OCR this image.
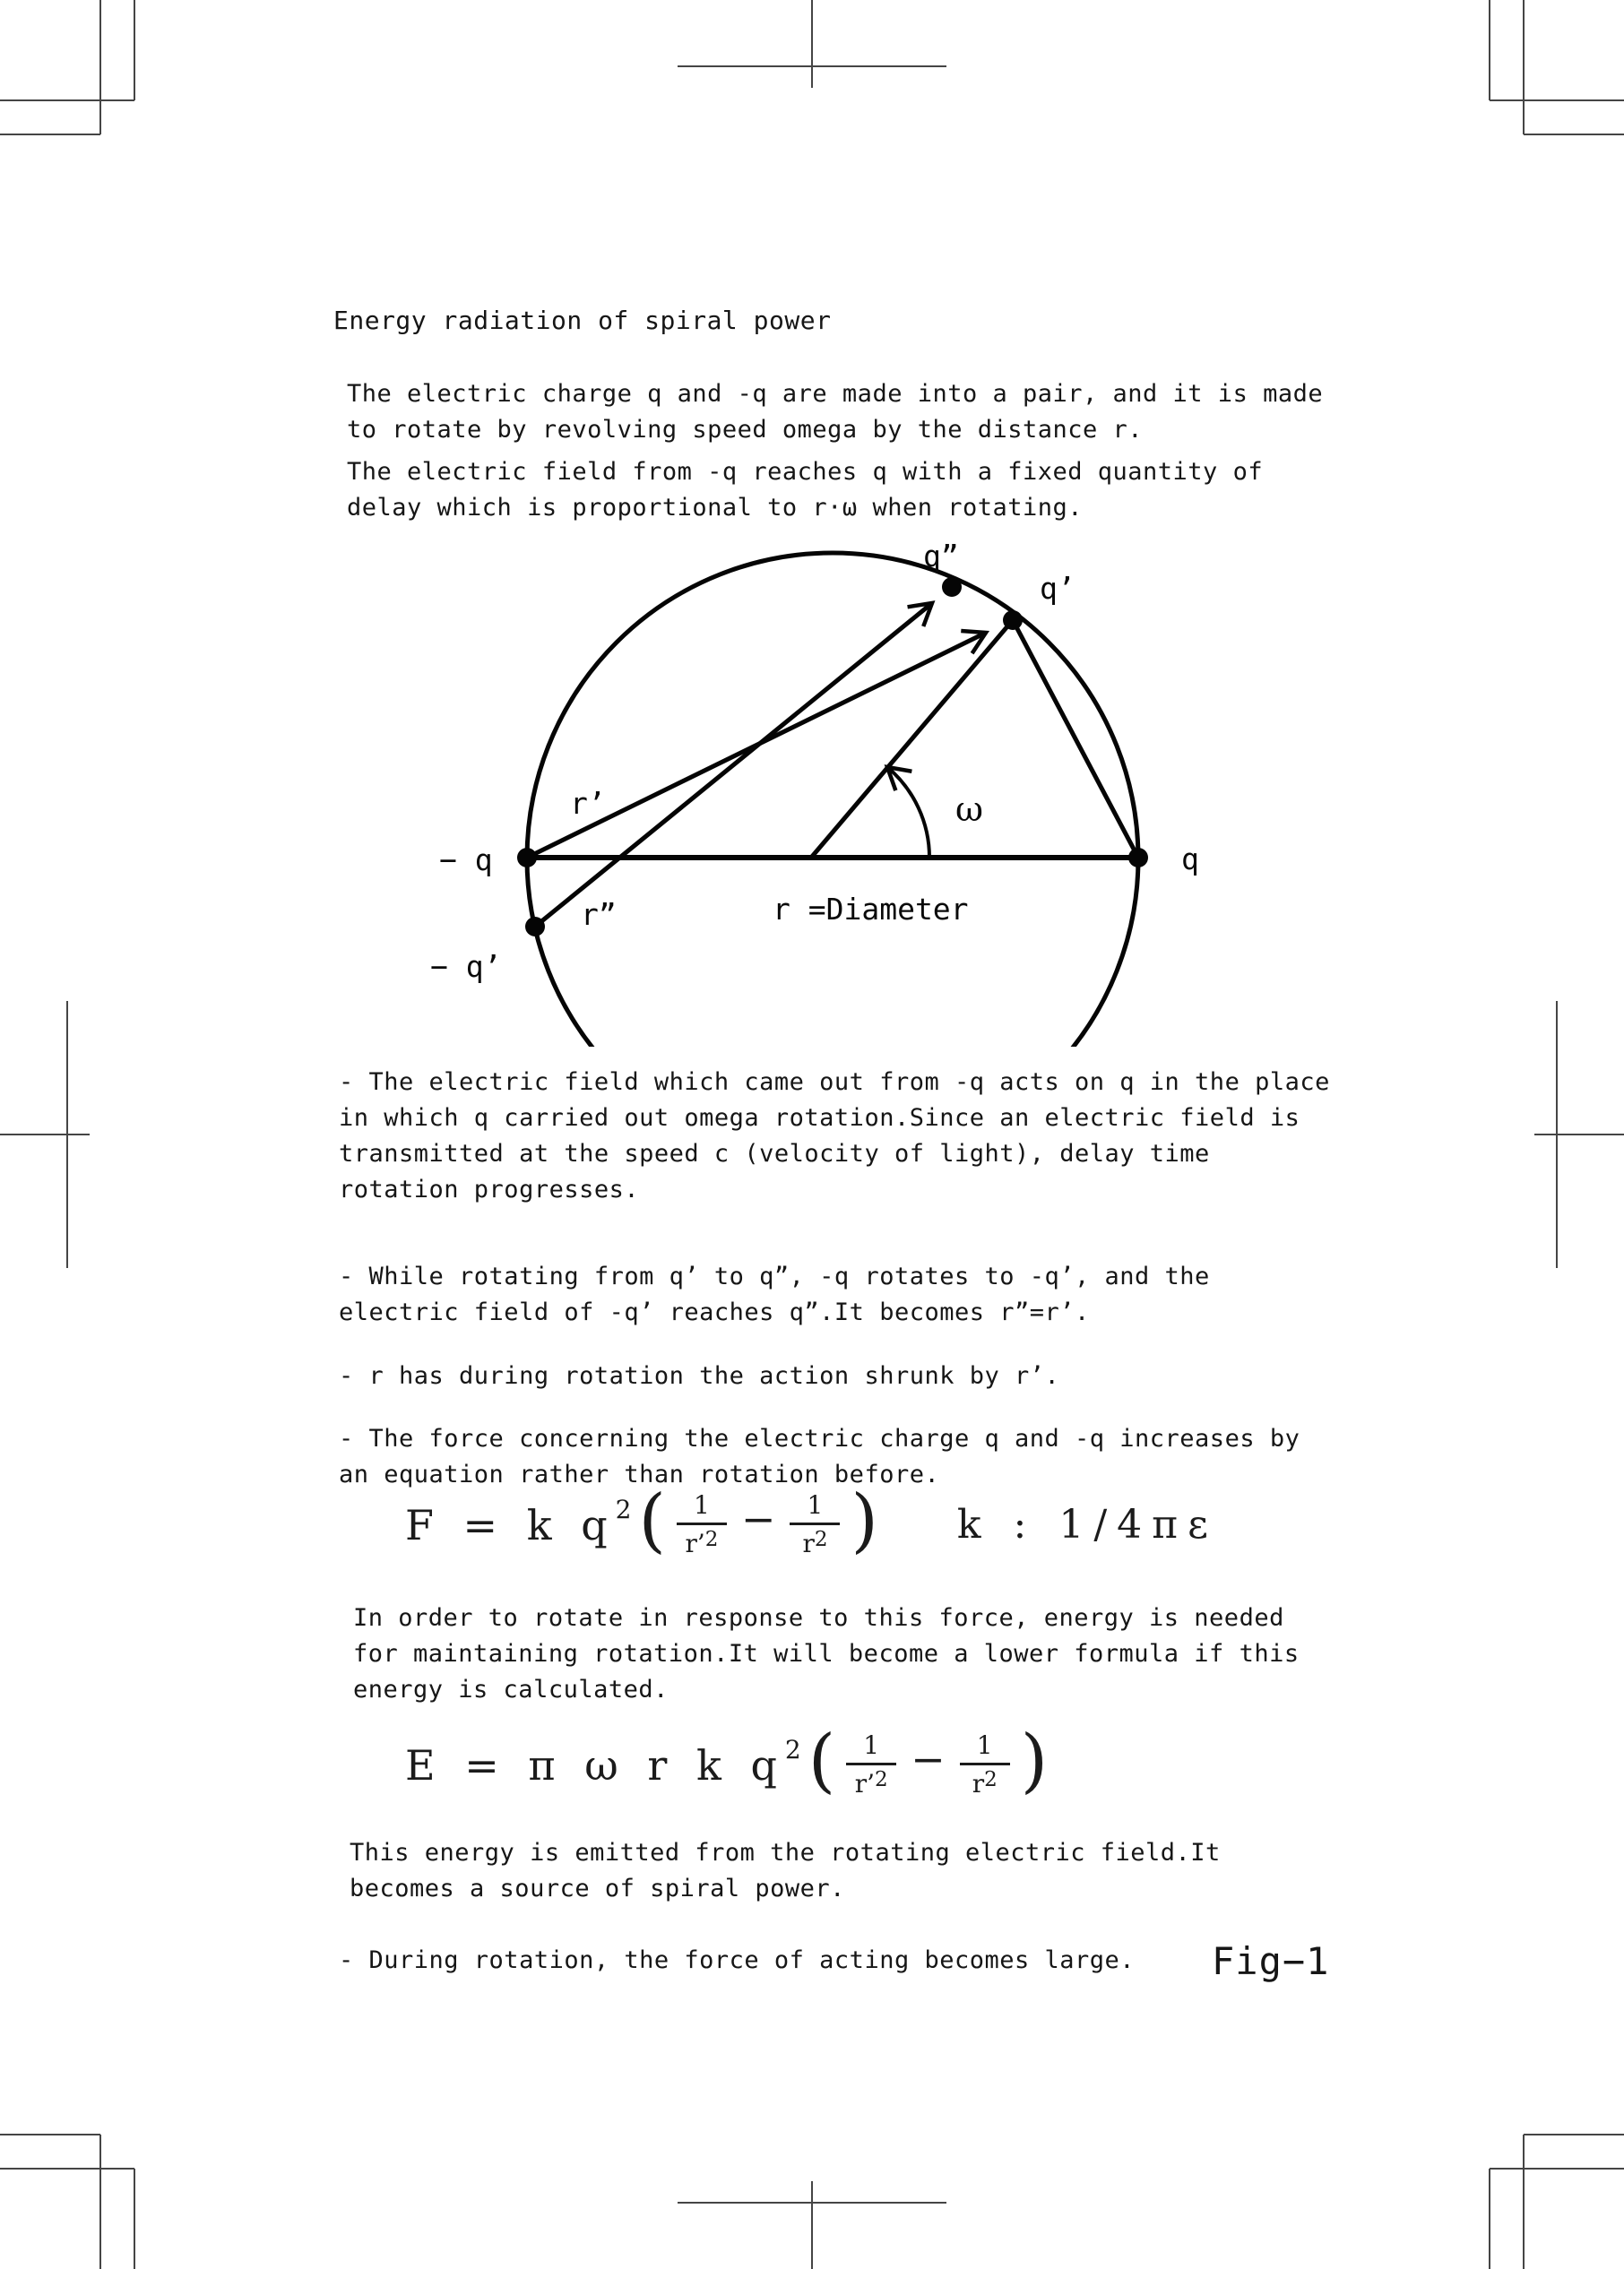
Energy radiation of spiral power
The electric charge q and -q are made into a pair, and it is made
to rotate by revolving speed omega by the distance r.
The electric field from -q reaches q with a fixed quantity of
delay which is proportional to r·ω when rotating.
q”
q’
q
− q
− q’
r’
r”
ω
r =Diameter
- The electric field which came out from -q acts on q in the place
in which q carried out omega rotation.Since an electric field is
transmitted at the speed c (velocity of light), delay time
rotation progresses.
- While rotating from q’ to q”, -q rotates to -q’, and the
electric field of -q’ reaches q”.It becomes r”=r’.
- r has during rotation the action shrunk by r’.
- The force concerning the electric charge q and -q increases by
an equation rather than rotation before.
F = k q 2 ( $\frac{1}{r’^2} - \frac{1}{r^2}$ ) k : 1/4πε
In order to rotate in response to this force, energy is needed
for maintaining rotation.It will become a lower formula if this
energy is calculated.
E = π ω r k q 2 ( $\frac{1}{r’^2} - \frac{1}{r^2}$ )
This energy is emitted from the rotating electric field.It
becomes a source of spiral power.
- During rotation, the force of acting becomes large. Fig−1
